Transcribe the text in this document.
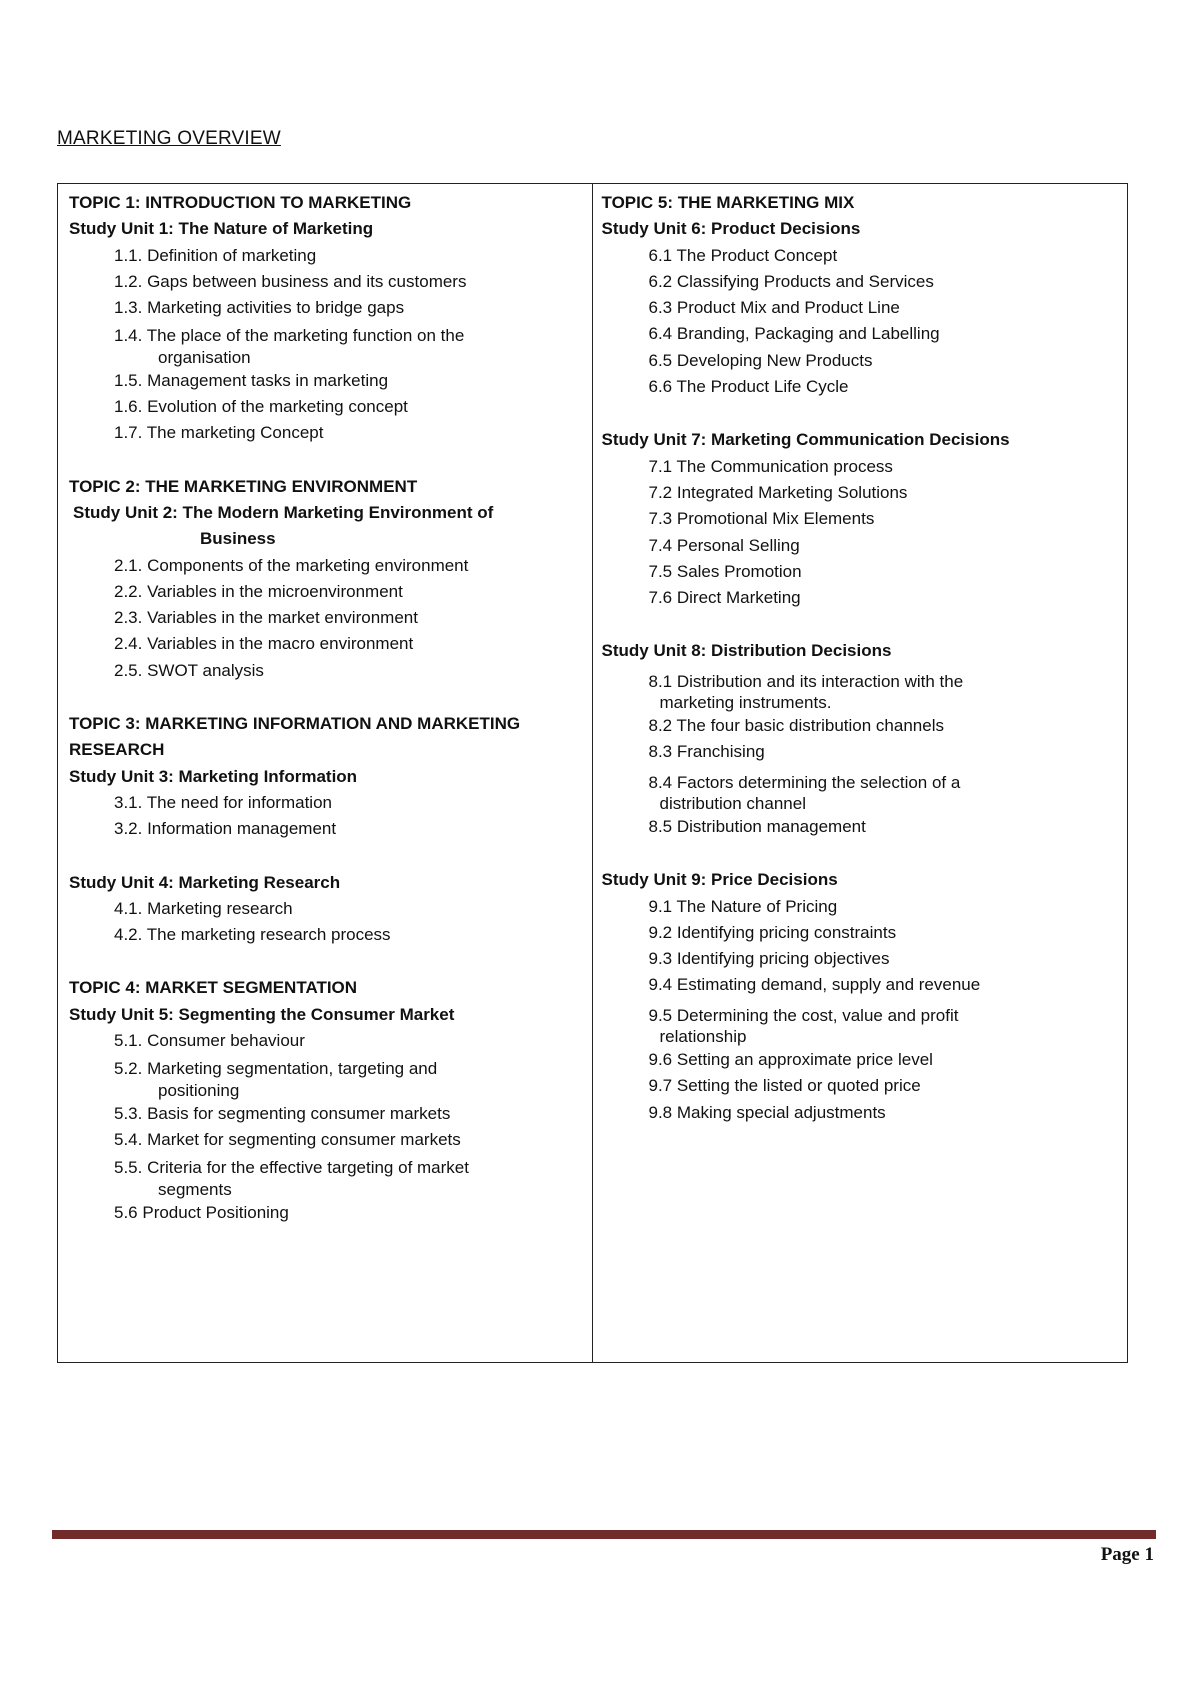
MARKETING OVERVIEW
TOPIC 1: INTRODUCTION TO MARKETING
Study Unit 1: The Nature of Marketing
1.1. Definition of marketing
1.2. Gaps between business and its customers
1.3. Marketing activities to bridge gaps
1.4. The place of the marketing function on the
organisation
1.5. Management tasks in marketing
1.6. Evolution of the marketing concept
1.7. The marketing Concept
TOPIC 2: THE MARKETING ENVIRONMENT
Study Unit 2: The Modern Marketing Environment of
Business
2.1. Components of the marketing environment
2.2. Variables in the microenvironment
2.3. Variables in the market environment
2.4. Variables in the macro environment
2.5. SWOT analysis
TOPIC 3: MARKETING INFORMATION AND MARKETING
RESEARCH
Study Unit 3: Marketing Information
3.1. The need for information
3.2. Information management
Study Unit 4: Marketing Research
4.1. Marketing research
4.2. The marketing research process
TOPIC 4: MARKET SEGMENTATION
Study Unit 5: Segmenting the Consumer Market
5.1. Consumer behaviour
5.2. Marketing segmentation, targeting and
positioning
5.3. Basis for segmenting consumer markets
5.4. Market for segmenting consumer markets
5.5. Criteria for the effective targeting of market
segments
5.6 Product Positioning
TOPIC 5: THE MARKETING MIX
Study Unit 6: Product Decisions
6.1 The Product Concept
6.2 Classifying Products and Services
6.3 Product Mix and Product Line
6.4 Branding, Packaging and Labelling
6.5 Developing New Products
6.6 The Product Life Cycle
Study Unit 7: Marketing Communication Decisions
7.1 The Communication process
7.2 Integrated Marketing Solutions
7.3 Promotional Mix Elements
7.4 Personal Selling
7.5 Sales Promotion
7.6 Direct Marketing
Study Unit 8: Distribution Decisions
8.1 Distribution and its interaction with the
marketing instruments.
8.2 The four basic distribution channels
8.3 Franchising
8.4 Factors determining the selection of a
distribution channel
8.5 Distribution management
Study Unit 9: Price Decisions
9.1 The Nature of Pricing
9.2 Identifying pricing constraints
9.3 Identifying pricing objectives
9.4 Estimating demand, supply and revenue
9.5 Determining the cost, value and profit
relationship
9.6 Setting an approximate price level
9.7 Setting the listed or quoted price
9.8 Making special adjustments
Page 1
